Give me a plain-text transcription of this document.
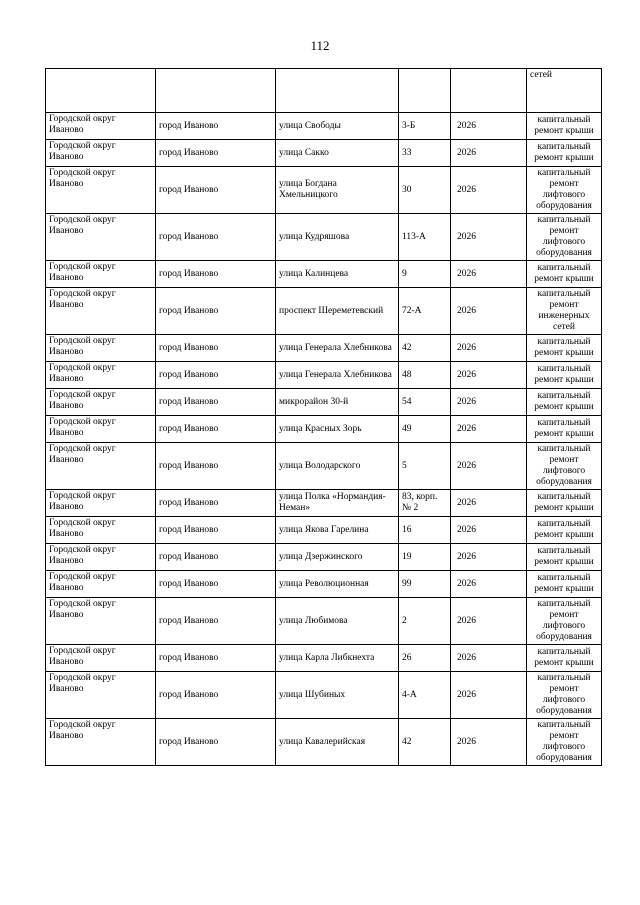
112
					сетей
Городской округ Иваново	город Иваново	улица Свободы	3-Б	2026	капитальный ремонт крыши
Городской округ Иваново	город Иваново	улица Сакко	33	2026	капитальный ремонт крыши
Городской округ Иваново	город Иваново	улица Богдана Хмельницкого	30	2026	капитальный ремонт лифтового оборудования
Городской округ Иваново	город Иваново	улица Кудряшова	113-А	2026	капитальный ремонт лифтового оборудования
Городской округ Иваново	город Иваново	улица Калинцева	9	2026	капитальный ремонт крыши
Городской округ Иваново	город Иваново	проспект Шереметевский	72-А	2026	капитальный ремонт инженерных сетей
Городской округ Иваново	город Иваново	улица Генерала Хлебникова	42	2026	капитальный ремонт крыши
Городской округ Иваново	город Иваново	улица Генерала Хлебникова	48	2026	капитальный ремонт крыши
Городской округ Иваново	город Иваново	микрорайон 30-й	54	2026	капитальный ремонт крыши
Городской округ Иваново	город Иваново	улица Красных Зорь	49	2026	капитальный ремонт крыши
Городской округ Иваново	город Иваново	улица Володарского	5	2026	капитальный ремонт лифтового оборудования
Городской округ Иваново	город Иваново	улица Полка «Нормандия-Неман»	83, корп. № 2	2026	капитальный ремонт крыши
Городской округ Иваново	город Иваново	улица Якова Гарелина	16	2026	капитальный ремонт крыши
Городской округ Иваново	город Иваново	улица Дзержинского	19	2026	капитальный ремонт крыши
Городской округ Иваново	город Иваново	улица Революционная	99	2026	капитальный ремонт крыши
Городской округ Иваново	город Иваново	улица Любимова	2	2026	капитальный ремонт лифтового оборудования
Городской округ Иваново	город Иваново	улица Карла Либкнехта	26	2026	капитальный ремонт крыши
Городской округ Иваново	город Иваново	улица Шубиных	4-А	2026	капитальный ремонт лифтового оборудования
Городской округ Иваново	город Иваново	улица Кавалерийская	42	2026	капитальный ремонт лифтового оборудования
